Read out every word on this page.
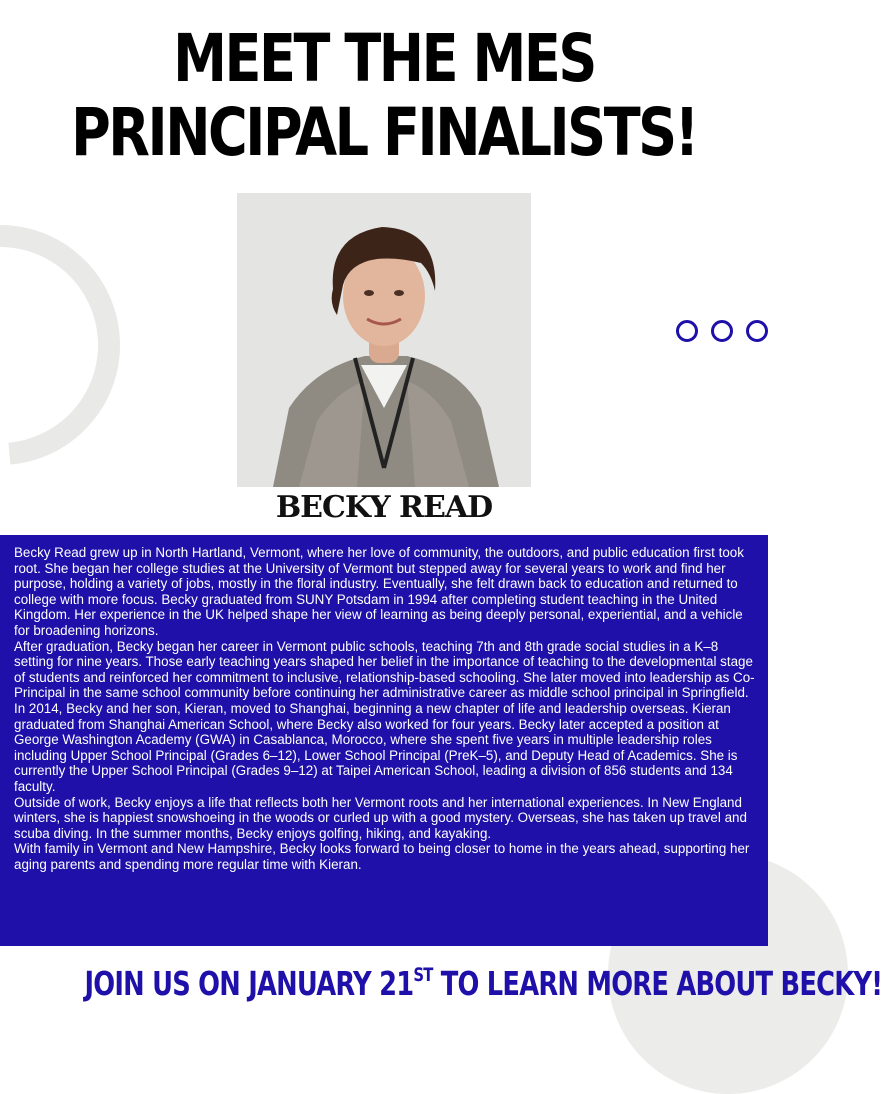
MEET THE MES
PRINCIPAL FINALISTS!
BECKY READ

Becky Read grew up in North Hartland, Vermont, where her love of community, the outdoors, and public education first took root. She began her college studies at the University of Vermont but stepped away for several years to work and find her purpose, holding a variety of jobs, mostly in the floral industry. Eventually, she felt drawn back to education and returned to college with more focus. Becky graduated from SUNY Potsdam in 1994 after completing student teaching in the United Kingdom. Her experience in the UK helped shape her view of learning as being deeply personal, experiential, and a vehicle for broadening horizons.

After graduation, Becky began her career in Vermont public schools, teaching 7th and 8th grade social studies in a K–8 setting for nine years. Those early teaching years shaped her belief in the importance of teaching to the developmental stage of students and reinforced her commitment to inclusive, relationship-based schooling. She later moved into leadership as Co-Principal in the same school community before continuing her administrative career as middle school principal in Springfield.

In 2014, Becky and her son, Kieran, moved to Shanghai, beginning a new chapter of life and leadership overseas. Kieran graduated from Shanghai American School, where Becky also worked for four years. Becky later accepted a position at George Washington Academy (GWA) in Casablanca, Morocco, where she spent five years in multiple leadership roles including Upper School Principal (Grades 6–12), Lower School Principal (PreK–5), and Deputy Head of Academics. She is currently the Upper School Principal (Grades 9–12) at Taipei American School, leading a division of 856 students and 134 faculty.

Outside of work, Becky enjoys a life that reflects both her Vermont roots and her international experiences. In New England winters, she is happiest snowshoeing in the woods or curled up with a good mystery. Overseas, she has taken up travel and scuba diving. In the summer months, Becky enjoys golfing, hiking, and kayaking.

With family in Vermont and New Hampshire, Becky looks forward to being closer to home in the years ahead, supporting her aging parents and spending more regular time with Kieran.

JOIN US ON JANUARY 21ST TO LEARN MORE ABOUT BECKY!
